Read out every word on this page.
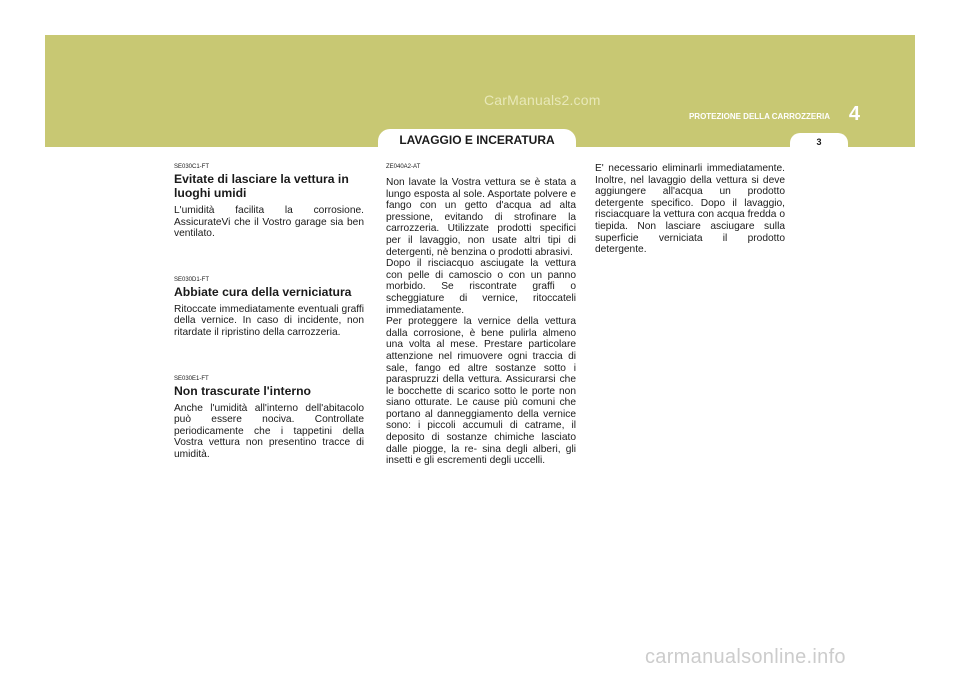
CarManuals2.com
PROTEZIONE DELLA CARROZZERIA 4
LAVAGGIO E INCERATURA	3
SE030C1-FT

Evitate di lasciare la vettura in luoghi umidi

L'umidità facilita la corrosione. AssicurateVi che il Vostro garage sia ben ventilato.

SE030D1-FT

Abbiate cura della verniciatura

Ritoccate immediatamente eventuali graffi della vernice. In caso di incidente, non ritardate il ripristino della carrozzeria.

SE030E1-FT

Non trascurate l'interno

Anche l'umidità all'interno dell'abitacolo può essere nociva. Controllate periodicamente che i tappetini della Vostra vettura non presentino tracce di umidità.

ZE040A2-AT

Non lavate la Vostra vettura se è stata a lungo esposta al sole. Asportate polvere e fango con un getto d'acqua ad alta pressione, evitando di strofinare la carrozzeria. Utilizzate prodotti specifici per il lavaggio, non usate altri tipi di detergenti, nè benzina o prodotti abrasivi.

Dopo il risciacquo asciugate la vettura con pelle di camoscio o con un panno morbido. Se riscontrate graffi o scheggiature di vernice, ritoccateli immediatamente.

Per proteggere la vernice della vettura dalla corrosione, è bene pulirla almeno una volta al mese. Prestare particolare attenzione nel rimuovere ogni traccia di sale, fango ed altre sostanze sotto i paraspruzzi della vettura. Assicurarsi che le bocchette di scarico sotto le porte non siano otturate. Le cause più comuni che portano al danneggiamento della vernice sono: i piccoli accumuli di catrame, il deposito di sostanze chimiche lasciato dalle piogge, la re- sina degli alberi, gli insetti e gli escrementi degli uccelli.

E' necessario eliminarli immediatamente. Inoltre, nel lavaggio della vettura si deve aggiungere all'acqua un prodotto detergente specifico. Dopo il lavaggio, risciacquare la vettura con acqua fredda o tiepida. Non lasciare asciugare sulla superficie verniciata il prodotto detergente.

carmanualsonline.info
